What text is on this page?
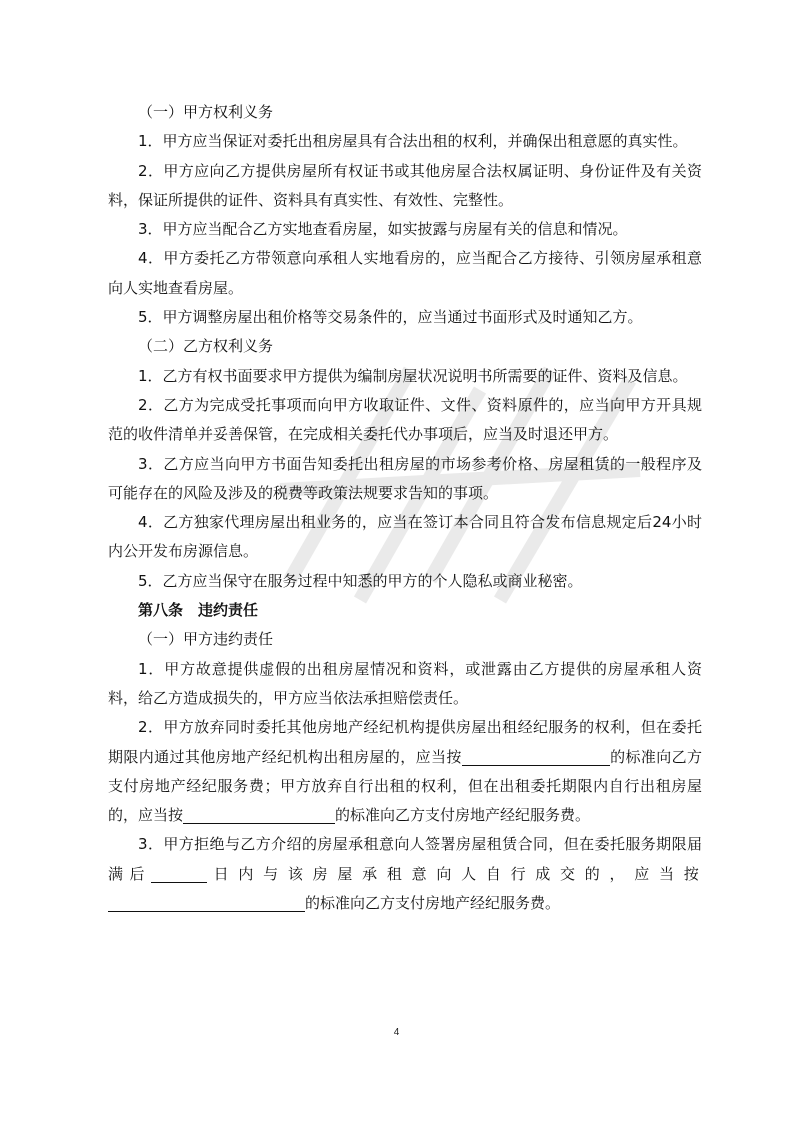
（一）甲方权利义务

1．甲方应当保证对委托出租房屋具有合法出租的权利，并确保出租意愿的真实性。

2．甲方应向乙方提供房屋所有权证书或其他房屋合法权属证明、身份证件及有关资料，保证所提供的证件、资料具有真实性、有效性、完整性。

3．甲方应当配合乙方实地查看房屋，如实披露与房屋有关的信息和情况。

4．甲方委托乙方带领意向承租人实地看房的，应当配合乙方接待、引领房屋承租意向人实地查看房屋。

5．甲方调整房屋出租价格等交易条件的，应当通过书面形式及时通知乙方。

（二）乙方权利义务

1．乙方有权书面要求甲方提供为编制房屋状况说明书所需要的证件、资料及信息。

2．乙方为完成受托事项而向甲方收取证件、文件、资料原件的，应当向甲方开具规范的收件清单并妥善保管，在完成相关委托代办事项后，应当及时退还甲方。

3．乙方应当向甲方书面告知委托出租房屋的市场参考价格、房屋租赁的一般程序及可能存在的风险及涉及的税费等政策法规要求告知的事项。

4．乙方独家代理房屋出租业务的，应当在签订本合同且符合发布信息规定后24小时内公开发布房源信息。

5．乙方应当保守在服务过程中知悉的甲方的个人隐私或商业秘密。

第八条　违约责任

（一）甲方违约责任

1．甲方故意提供虚假的出租房屋情况和资料，或泄露由乙方提供的房屋承租人资料，给乙方造成损失的，甲方应当依法承担赔偿责任。

2．甲方放弃同时委托其他房地产经纪机构提供房屋出租经纪服务的权利，但在委托期限内通过其他房地产经纪机构出租房屋的，应当按	的标准向乙方支付房地产经纪服务费；甲方放弃自行出租的权利，但在出租委托期限内自行出租房屋的，应当按	的标准向乙方支付房地产经纪服务费。

3．甲方拒绝与乙方介绍的房屋承租意向人签署房屋租赁合同，但在委托服务期限届满后	日内与该房屋承租意向人自行成交的，应当按的标准向乙方支付房地产经纪服务费。

4
